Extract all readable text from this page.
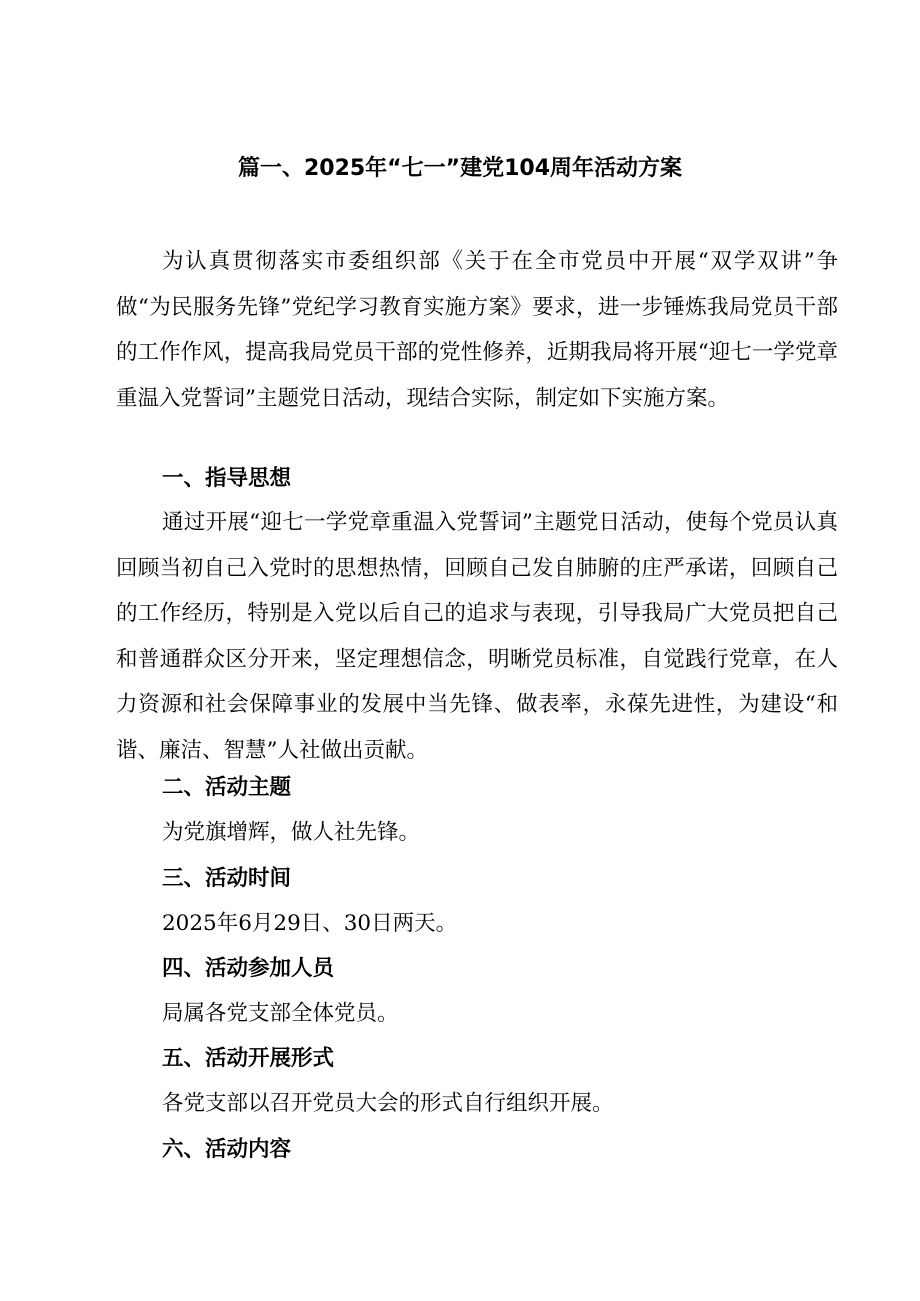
篇一、2025年“七一”建党104周年活动方案

为认真贯彻落实市委组织部《关于在全市党员中开展“双学双讲”争做“为民服务先锋”党纪学习教育实施方案》要求，进一步锤炼我局党员干部的工作作风，提高我局党员干部的党性修养，近期我局将开展“迎七一学党章重温入党誓词”主题党日活动，现结合实际，制定如下实施方案。

一、指导思想

通过开展“迎七一学党章重温入党誓词”主题党日活动，使每个党员认真回顾当初自己入党时的思想热情，回顾自己发自肺腑的庄严承诺，回顾自己的工作经历，特别是入党以后自己的追求与表现，引导我局广大党员把自己和普通群众区分开来，坚定理想信念，明晰党员标准，自觉践行党章，在人力资源和社会保障事业的发展中当先锋、做表率，永葆先进性，为建设“和谐、廉洁、智慧”人社做出贡献。

二、活动主题

为党旗增辉，做人社先锋。

三、活动时间

2025年6月29日、30日两天。

四、活动参加人员

局属各党支部全体党员。

五、活动开展形式

各党支部以召开党员大会的形式自行组织开展。

六、活动内容
